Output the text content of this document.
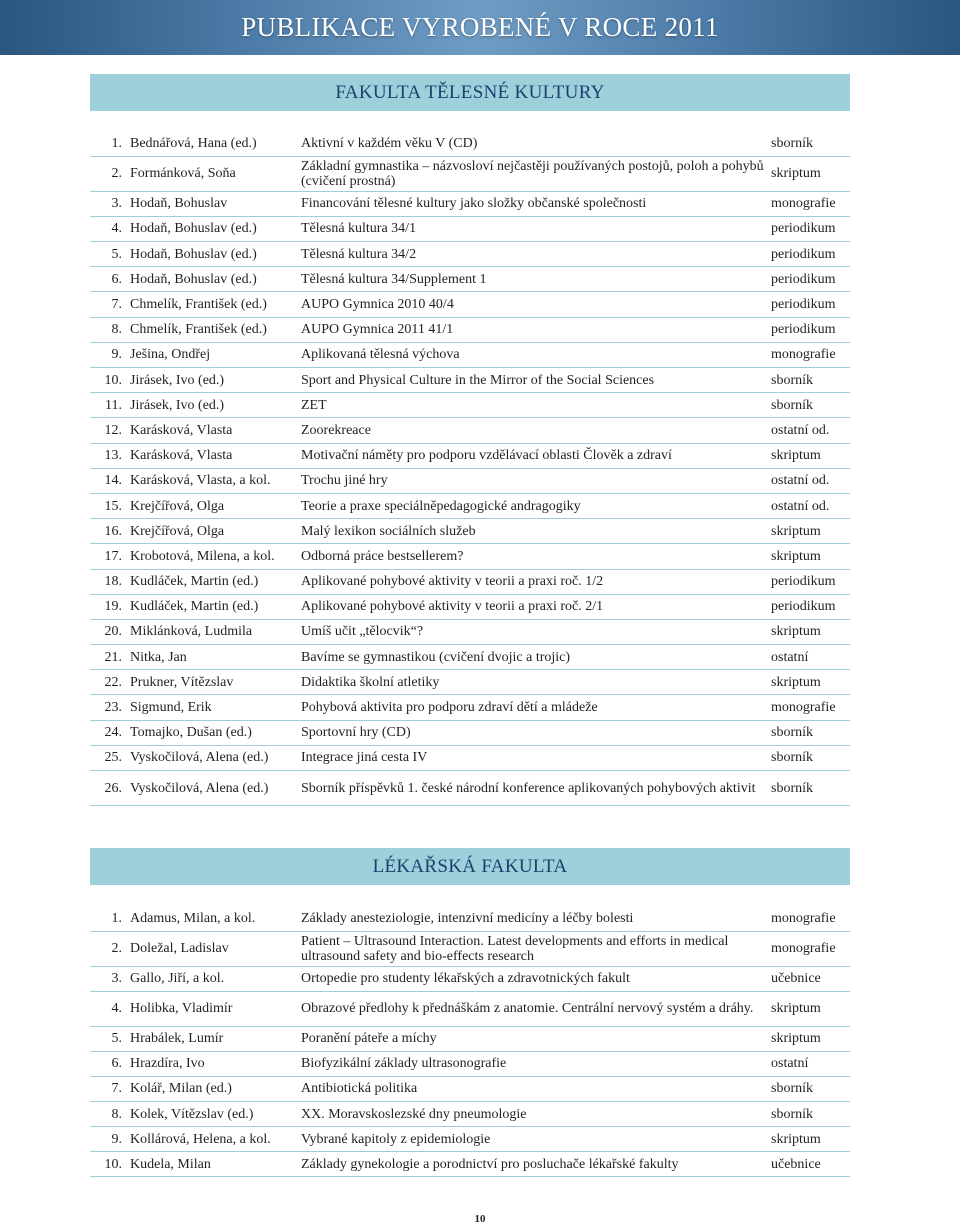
PUBLIKACE VYROBENÉ V ROCE 2011
FAKULTA TĚLESNÉ KULTURY
1.	Bednářová, Hana (ed.)	Aktivní v každém věku V (CD)	sborník
2.	Formánková, Soňa	Základní gymnastika – názvosloví nejčastěji používaných postojů, poloh a pohybů (cvičení prostná)	skriptum
3.	Hodaň, Bohuslav	Financování tělesné kultury jako složky občanské společnosti	monografie
4.	Hodaň, Bohuslav (ed.)	Tělesná kultura 34/1	periodikum
5.	Hodaň, Bohuslav (ed.)	Tělesná kultura 34/2	periodikum
6.	Hodaň, Bohuslav (ed.)	Tělesná kultura 34/Supplement 1	periodikum
7.	Chmelík, František (ed.)	AUPO Gymnica 2010 40/4	periodikum
8.	Chmelík, František (ed.)	AUPO Gymnica 2011 41/1	periodikum
9.	Ješina, Ondřej	Aplikovaná tělesná výchova	monografie
10.	Jirásek, Ivo (ed.)	Sport and Physical Culture in the Mirror of the Social Sciences	sborník
11.	Jirásek, Ivo (ed.)	ZET	sborník
12.	Karásková, Vlasta	Zoorekreace	ostatní od.
13.	Karásková, Vlasta	Motivační náměty pro podporu vzdělávací oblasti Člověk a zdraví	skriptum
14.	Karásková, Vlasta, a kol.	Trochu jiné hry	ostatní od.
15.	Krejčířová, Olga	Teorie a praxe speciálněpedagogické andragogiky	ostatní od.
16.	Krejčířová, Olga	Malý lexikon sociálních služeb	skriptum
17.	Krobotová, Milena, a kol.	Odborná práce bestsellerem?	skriptum
18.	Kudláček, Martin (ed.)	Aplikované pohybové aktivity v teorii a praxi roč. 1/2	periodikum
19.	Kudláček, Martin (ed.)	Aplikované pohybové aktivity v teorii a praxi roč. 2/1	periodikum
20.	Miklánková, Ludmila	Umíš učit „tělocvik“?	skriptum
21.	Nitka, Jan	Bavíme se gymnastikou (cvičení dvojic a trojic)	ostatní
22.	Prukner, Vítězslav	Didaktika školní atletiky	skriptum
23.	Sigmund, Erik	Pohybová aktivita pro podporu zdraví dětí a mládeže	monografie
24.	Tomajko, Dušan (ed.)	Sportovní hry (CD)	sborník
25.	Vyskočilová, Alena (ed.)	Integrace jiná cesta IV	sborník
26.	Vyskočilová, Alena (ed.)	Sborník příspěvků 1. české národní konference aplikovaných pohybových aktivit	sborník
LÉKAŘSKÁ FAKULTA
1.	Adamus, Milan, a kol.	Základy anesteziologie, intenzivní medicíny a léčby bolesti	monografie
2.	Doležal, Ladislav	Patient – Ultrasound Interaction. Latest developments and efforts in medical ultrasound safety and bio-effects research	monografie
3.	Gallo, Jiří, a kol.	Ortopedie pro studenty lékařských a zdravotnických fakult	učebnice
4.	Holibka, Vladimír	Obrazové předlohy k přednáškám z anatomie. Centrální nervový systém a dráhy.	skriptum
5.	Hrabálek, Lumír	Poranění páteře a míchy	skriptum
6.	Hrazdíra, Ivo	Biofyzikální základy ultrasonografie	ostatní
7.	Kolář, Milan (ed.)	Antibiotická politika	sborník
8.	Kolek, Vítězslav (ed.)	XX. Moravskoslezské dny pneumologie	sborník
9.	Kollárová, Helena, a kol.	Vybrané kapitoly z epidemiologie	skriptum
10.	Kudela, Milan	Základy gynekologie a porodnictví pro posluchače lékařské fakulty	učebnice
10
